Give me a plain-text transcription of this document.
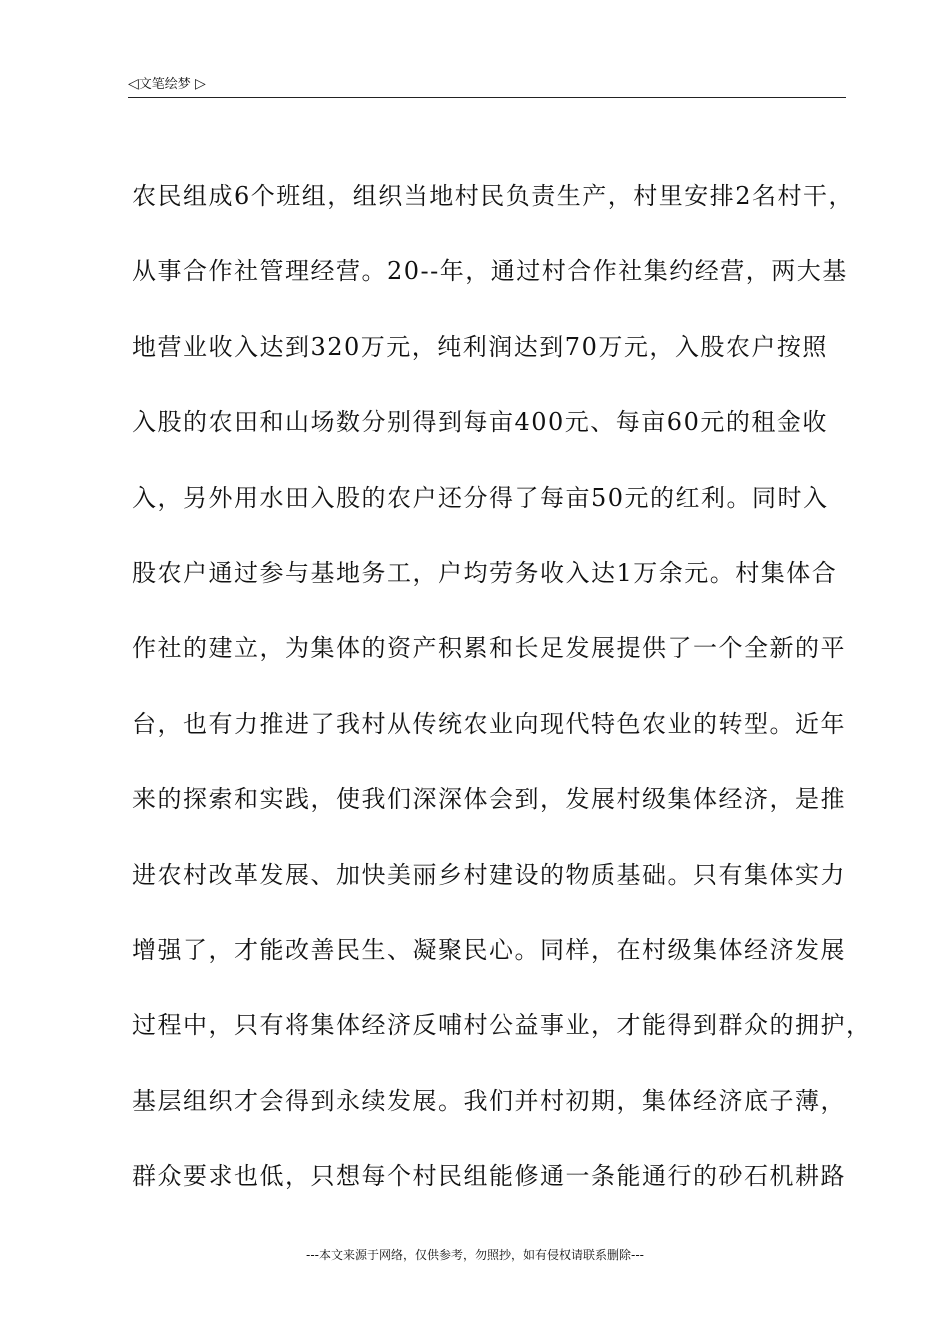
◁文笔绘梦 ▷
农民组成6个班组，组织当地村民负责生产，村里安排2名村干，
从事合作社管理经营。20--年，通过村合作社集约经营，两大基
地营业收入达到320万元，纯利润达到70万元，入股农户按照
入股的农田和山场数分别得到每亩400元、每亩60元的租金收
入，另外用水田入股的农户还分得了每亩50元的红利。同时入
股农户通过参与基地务工，户均劳务收入达1万余元。村集体合
作社的建立，为集体的资产积累和长足发展提供了一个全新的平
台，也有力推进了我村从传统农业向现代特色农业的转型。近年
来的探索和实践，使我们深深体会到，发展村级集体经济，是推
进农村改革发展、加快美丽乡村建设的物质基础。只有集体实力
增强了，才能改善民生、凝聚民心。同样，在村级集体经济发展
过程中，只有将集体经济反哺村公益事业，才能得到群众的拥护，
基层组织才会得到永续发展。我们并村初期，集体经济底子薄，
群众要求也低，只想每个村民组能修通一条能通行的砂石机耕路
---本文来源于网络，仅供参考，勿照抄，如有侵权请联系删除---
